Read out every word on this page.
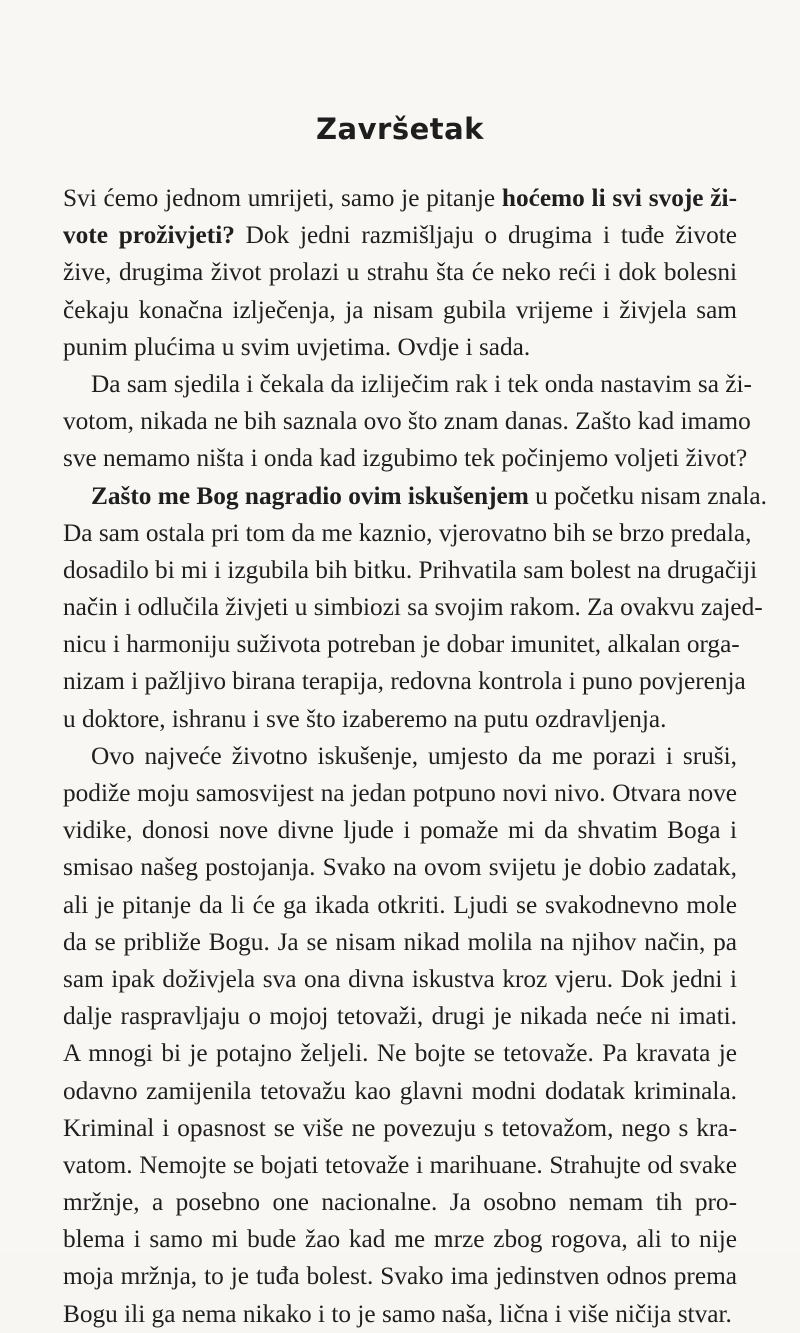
Završetak
Svi ćemo jednom umrijeti, samo je pitanje hoćemo li svi svoje ži-
vote proživjeti? Dok jedni razmišljaju o drugima i tuđe živote
žive, drugima život prolazi u strahu šta će neko reći i dok bolesni
čekaju konačna izlječenja, ja nisam gubila vrijeme i živjela sam
punim plućima u svim uvjetima. Ovdje i sada.
Da sam sjedila i čekala da izliječim rak i tek onda nastavim sa ži-
votom, nikada ne bih saznala ovo što znam danas. Zašto kad imamo
sve nemamo ništa i onda kad izgubimo tek počinjemo voljeti život?
Zašto me Bog nagradio ovim iskušenjem u početku nisam znala.
Da sam ostala pri tom da me kaznio, vjerovatno bih se brzo predala,
dosadilo bi mi i izgubila bih bitku. Prihvatila sam bolest na drugačiji
način i odlučila živjeti u simbiozi sa svojim rakom. Za ovakvu zajed-
nicu i harmoniju suživota potreban je dobar imunitet, alkalan orga-
nizam i pažljivo birana terapija, redovna kontrola i puno povjerenja
u doktore, ishranu i sve što izaberemo na putu ozdravljenja.
Ovo najveće životno iskušenje, umjesto da me porazi i sruši,
podiže moju samosvijest na jedan potpuno novi nivo. Otvara nove
vidike, donosi nove divne ljude i pomaže mi da shvatim Boga i
smisao našeg postojanja. Svako na ovom svijetu je dobio zadatak,
ali je pitanje da li će ga ikada otkriti. Ljudi se svakodnevno mole
da se približe Bogu. Ja se nisam nikad molila na njihov način, pa
sam ipak doživjela sva ona divna iskustva kroz vjeru. Dok jedni i
dalje raspravljaju o mojoj tetovaži, drugi je nikada neće ni imati.
A mnogi bi je potajno željeli. Ne bojte se tetovaže. Pa kravata je
odavno zamijenila tetovažu kao glavni modni dodatak kriminala.
Kriminal i opasnost se više ne povezuju s tetovažom, nego s kra-
vatom. Nemojte se bojati tetovaže i marihuane. Strahujte od svake
mržnje, a posebno one nacionalne. Ja osobno nemam tih pro-
blema i samo mi bude žao kad me mrze zbog rogova, ali to nije
moja mržnja, to je tuđa bolest. Svako ima jedinstven odnos prema
Bogu ili ga nema nikako i to je samo naša, lična i više ničija stvar.
